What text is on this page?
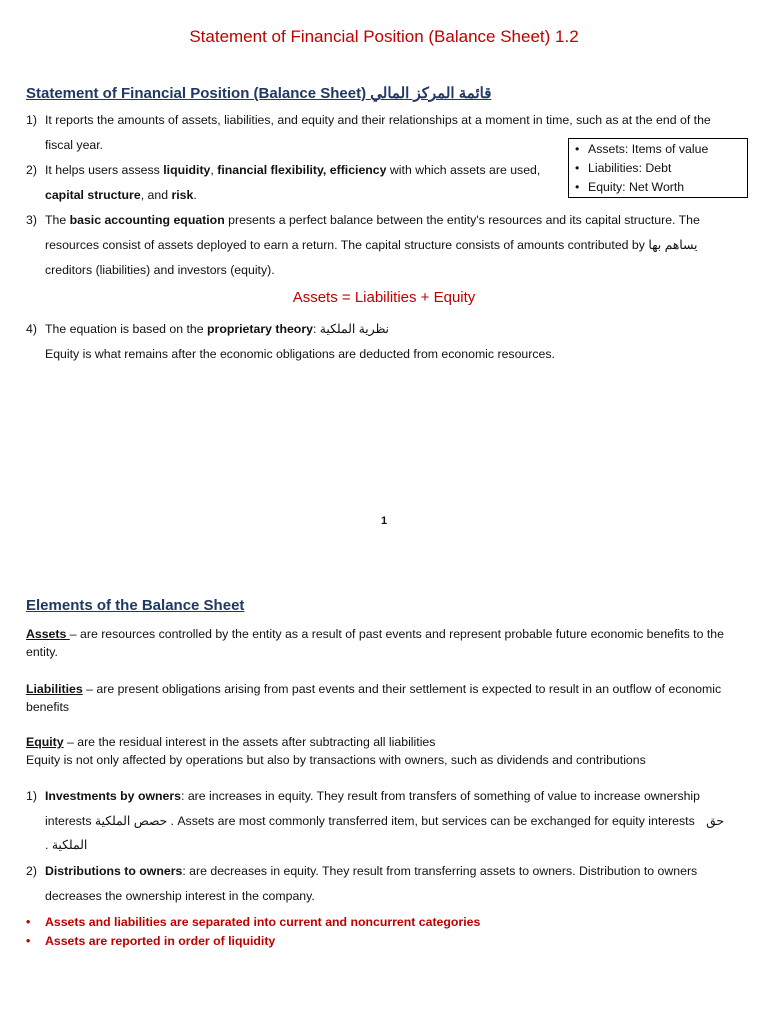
Statement of Financial Position (Balance Sheet) 1.2
Statement of Financial Position (Balance Sheet) قائمة المركز المالي
1) It reports the amounts of assets, liabilities, and equity and their relationships at a moment in time, such as at the end of the
fiscal year.
2) It helps users assess liquidity, financial flexibility, efficiency with which assets are used,
capital structure, and risk.
• Assets: Items of value
• Liabilities: Debt
• Equity: Net Worth
3) The basic accounting equation presents a perfect balance between the entity's resources and its capital structure. The
resources consist of assets deployed to earn a return. The capital structure consists of amounts contributed by يساهم بها
creditors (liabilities) and investors (equity).
Assets = Liabilities + Equity
4) The equation is based on the proprietary theory: نظرية الملكية
Equity is what remains after the economic obligations are deducted from economic resources.
1
Elements of the Balance Sheet
Assets – are resources controlled by the entity as a result of past events and represent probable future economic benefits to the entity.
Liabilities – are present obligations arising from past events and their settlement is expected to result in an outflow of economic benefits
Equity – are the residual interest in the assets after subtracting all liabilities
Equity is not only affected by operations but also by transactions with owners, such as dividends and contributions
1) Investments by owners: are increases in equity. They result from transfers of something of value to increase ownership
interests حصص الملكية . Assets are most commonly transferred item, but services can be exchanged for equity interests حق
الملكية .
2) Distributions to owners: are decreases in equity. They result from transferring assets to owners. Distribution to owners
decreases the ownership interest in the company.
• Assets and liabilities are separated into current and noncurrent categories
• Assets are reported in order of liquidity
